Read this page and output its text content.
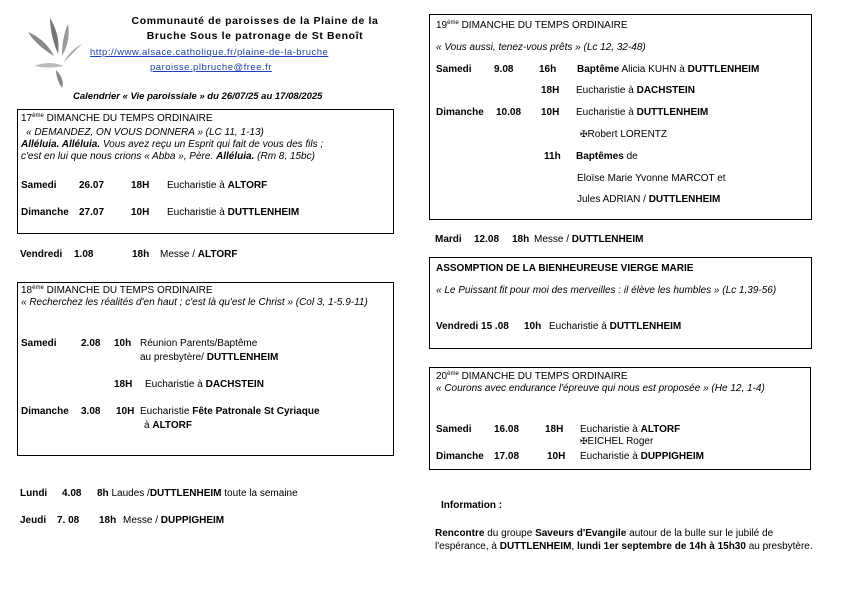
Communauté de paroisses de la Plaine de la
Bruche Sous le patronage de St Benoît
http://www.alsace.catholique.fr/plaine-de-la-bruche
paroisse.plbruche@free.fr
Calendrier « Vie paroissiale » du 26/07/25 au 17/08/2025
17ème DIMANCHE DU TEMPS ORDINAIRE
« DEMANDEZ, ON VOUS DONNERA » (LC 11, 1-13)
Alléluia. Alléluia. Vous avez reçu un Esprit qui fait de vous des fils ;
c'est en lui que nous crions « Abba », Père. Alléluia. (Rm 8, 15bc)
Samedi 26.07	18H Eucharistie à ALTORF
Dimanche 27.07	10H Eucharistie à DUTTLENHEIM
Vendredi 1.08	18h Messe / ALTORF
18ème DIMANCHE DU TEMPS ORDINAIRE
« Recherchez les réalités d'en haut ; c'est là qu'est le Christ » (Col 3, 1-5.9-11)
Samedi 2.08 10h Réunion Parents/Baptême
au presbytère/ DUTTLENHEIM
18H Eucharistie à DACHSTEIN
Dimanche 3.08 10H Eucharistie Fête Patronale St Cyriaque
à ALTORF
Lundi 4.08 8h Laudes /DUTTLENHEIM toute la semaine
Jeudi 7. 08 18h Messe / DUPPIGHEIM
19ème DIMANCHE DU TEMPS ORDINAIRE
« Vous aussi, tenez-vous prêts » (Lc 12, 32-48)
Samedi 9.08	16h Baptême Alicia KUHN à DUTTLENHEIM
18H Eucharistie à DACHSTEIN
Dimanche 10.08 10H Eucharistie à DUTTLENHEIM
✠Robert LORENTZ
11h Baptêmes de
Eloïse Marie Yvonne MARCOT et
Jules ADRIAN / DUTTLENHEIM
Mardi 12.08 18h Messe / DUTTLENHEIM
ASSOMPTION DE LA BIENHEUREUSE VIERGE MARIE
« Le Puissant fit pour moi des merveilles : il élève les humbles » (Lc 1,39-56)
Vendredi 15 .08 10h Eucharistie à DUTTLENHEIM
20ème DIMANCHE DU TEMPS ORDINAIRE
« Courons avec endurance l'épreuve qui nous est proposée » (He 12, 1-4)
Samedi 16.08	18H Eucharistie à ALTORF
✠EICHEL Roger
Dimanche 17.08	10H Eucharistie à DUPPIGHEIM
Information :
Rencontre du groupe Saveurs d'Evangile autour de la bulle sur le jubilé de l'espérance, à DUTTLENHEIM, lundi 1er septembre de 14h à 15h30 au presbytère.
